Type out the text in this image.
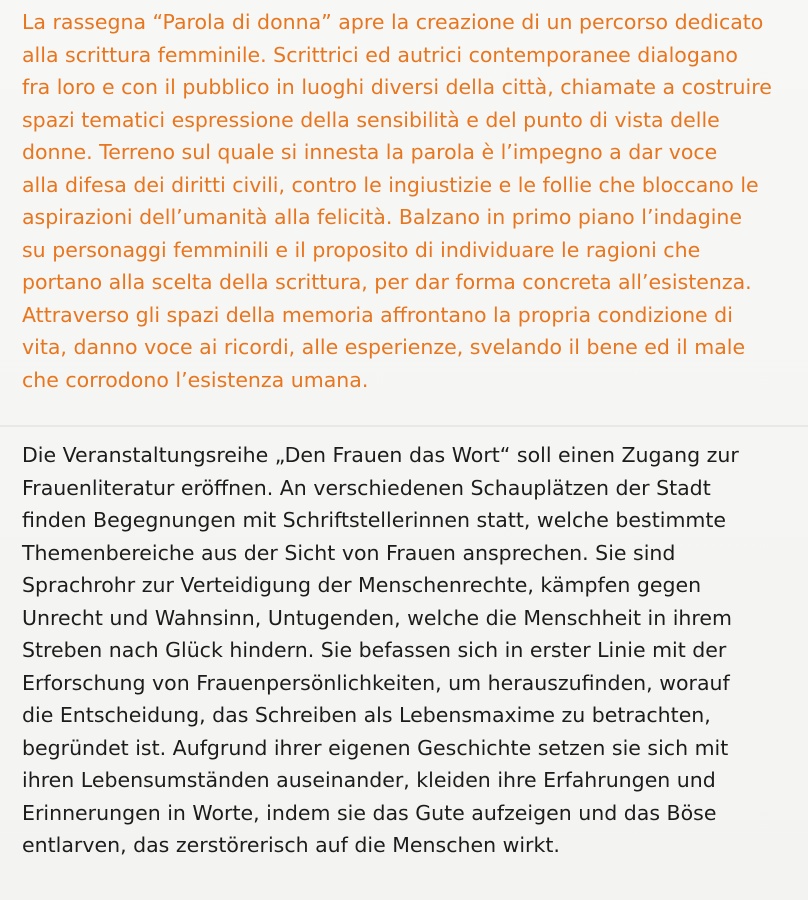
La rassegna “Parola di donna” apre la creazione di un percorso dedicato
alla scrittura femminile. Scrittrici ed autrici contemporanee dialogano
fra loro e con il pubblico in luoghi diversi della città, chiamate a costruire
spazi tematici espressione della sensibilità e del punto di vista delle
donne. Terreno sul quale si innesta la parola è l’impegno a dar voce
alla difesa dei diritti civili, contro le ingiustizie e le follie che bloccano le
aspirazioni dell’umanità alla felicità. Balzano in primo piano l’indagine
su personaggi femminili e il proposito di individuare le ragioni che
portano alla scelta della scrittura, per dar forma concreta all’esistenza.
Attraverso gli spazi della memoria affrontano la propria condizione di
vita, danno voce ai ricordi, alle esperienze, svelando il bene ed il male
che corrodono l’esistenza umana.
Die Veranstaltungsreihe „Den Frauen das Wort“ soll einen Zugang zur
Frauenliteratur eröffnen. An verschiedenen Schauplätzen der Stadt
finden Begegnungen mit Schriftstellerinnen statt, welche bestimmte
Themenbereiche aus der Sicht von Frauen ansprechen. Sie sind
Sprachrohr zur Verteidigung der Menschenrechte, kämpfen gegen
Unrecht und Wahnsinn, Untugenden, welche die Menschheit in ihrem
Streben nach Glück hindern. Sie befassen sich in erster Linie mit der
Erforschung von Frauenpersönlichkeiten, um herauszufinden, worauf
die Entscheidung, das Schreiben als Lebensmaxime zu betrachten,
begründet ist. Aufgrund ihrer eigenen Geschichte setzen sie sich mit
ihren Lebensumständen auseinander, kleiden ihre Erfahrungen und
Erinnerungen in Worte, indem sie das Gute aufzeigen und das Böse
entlarven, das zerstörerisch auf die Menschen wirkt.
